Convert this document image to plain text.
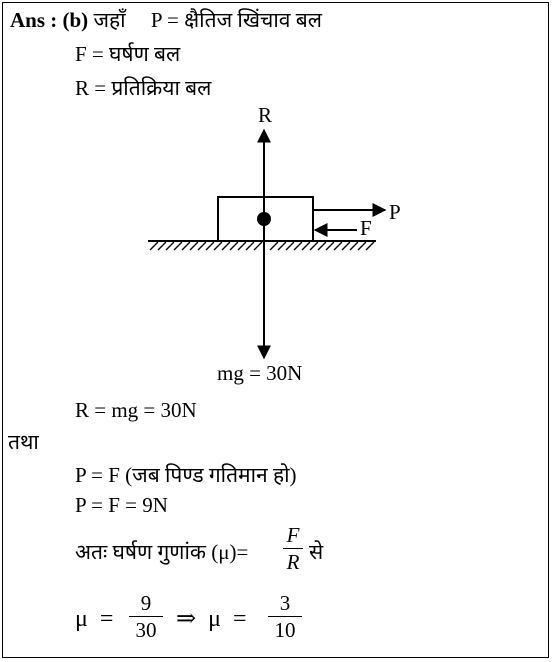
Ans : (b) जहाँ P = क्षैतिज खिंचाव बल
F = घर्षण बल
R = प्रतिक्रिया बल
R
P
F
mg = 30N
R = mg = 30N
तथा
P = F (जब पिण्ड गतिमान हो)
P = F = 9N
अतः घर्षण गुणांक (μ)=
F
R से
μ =
9
30 ⇒ μ =
3
10
